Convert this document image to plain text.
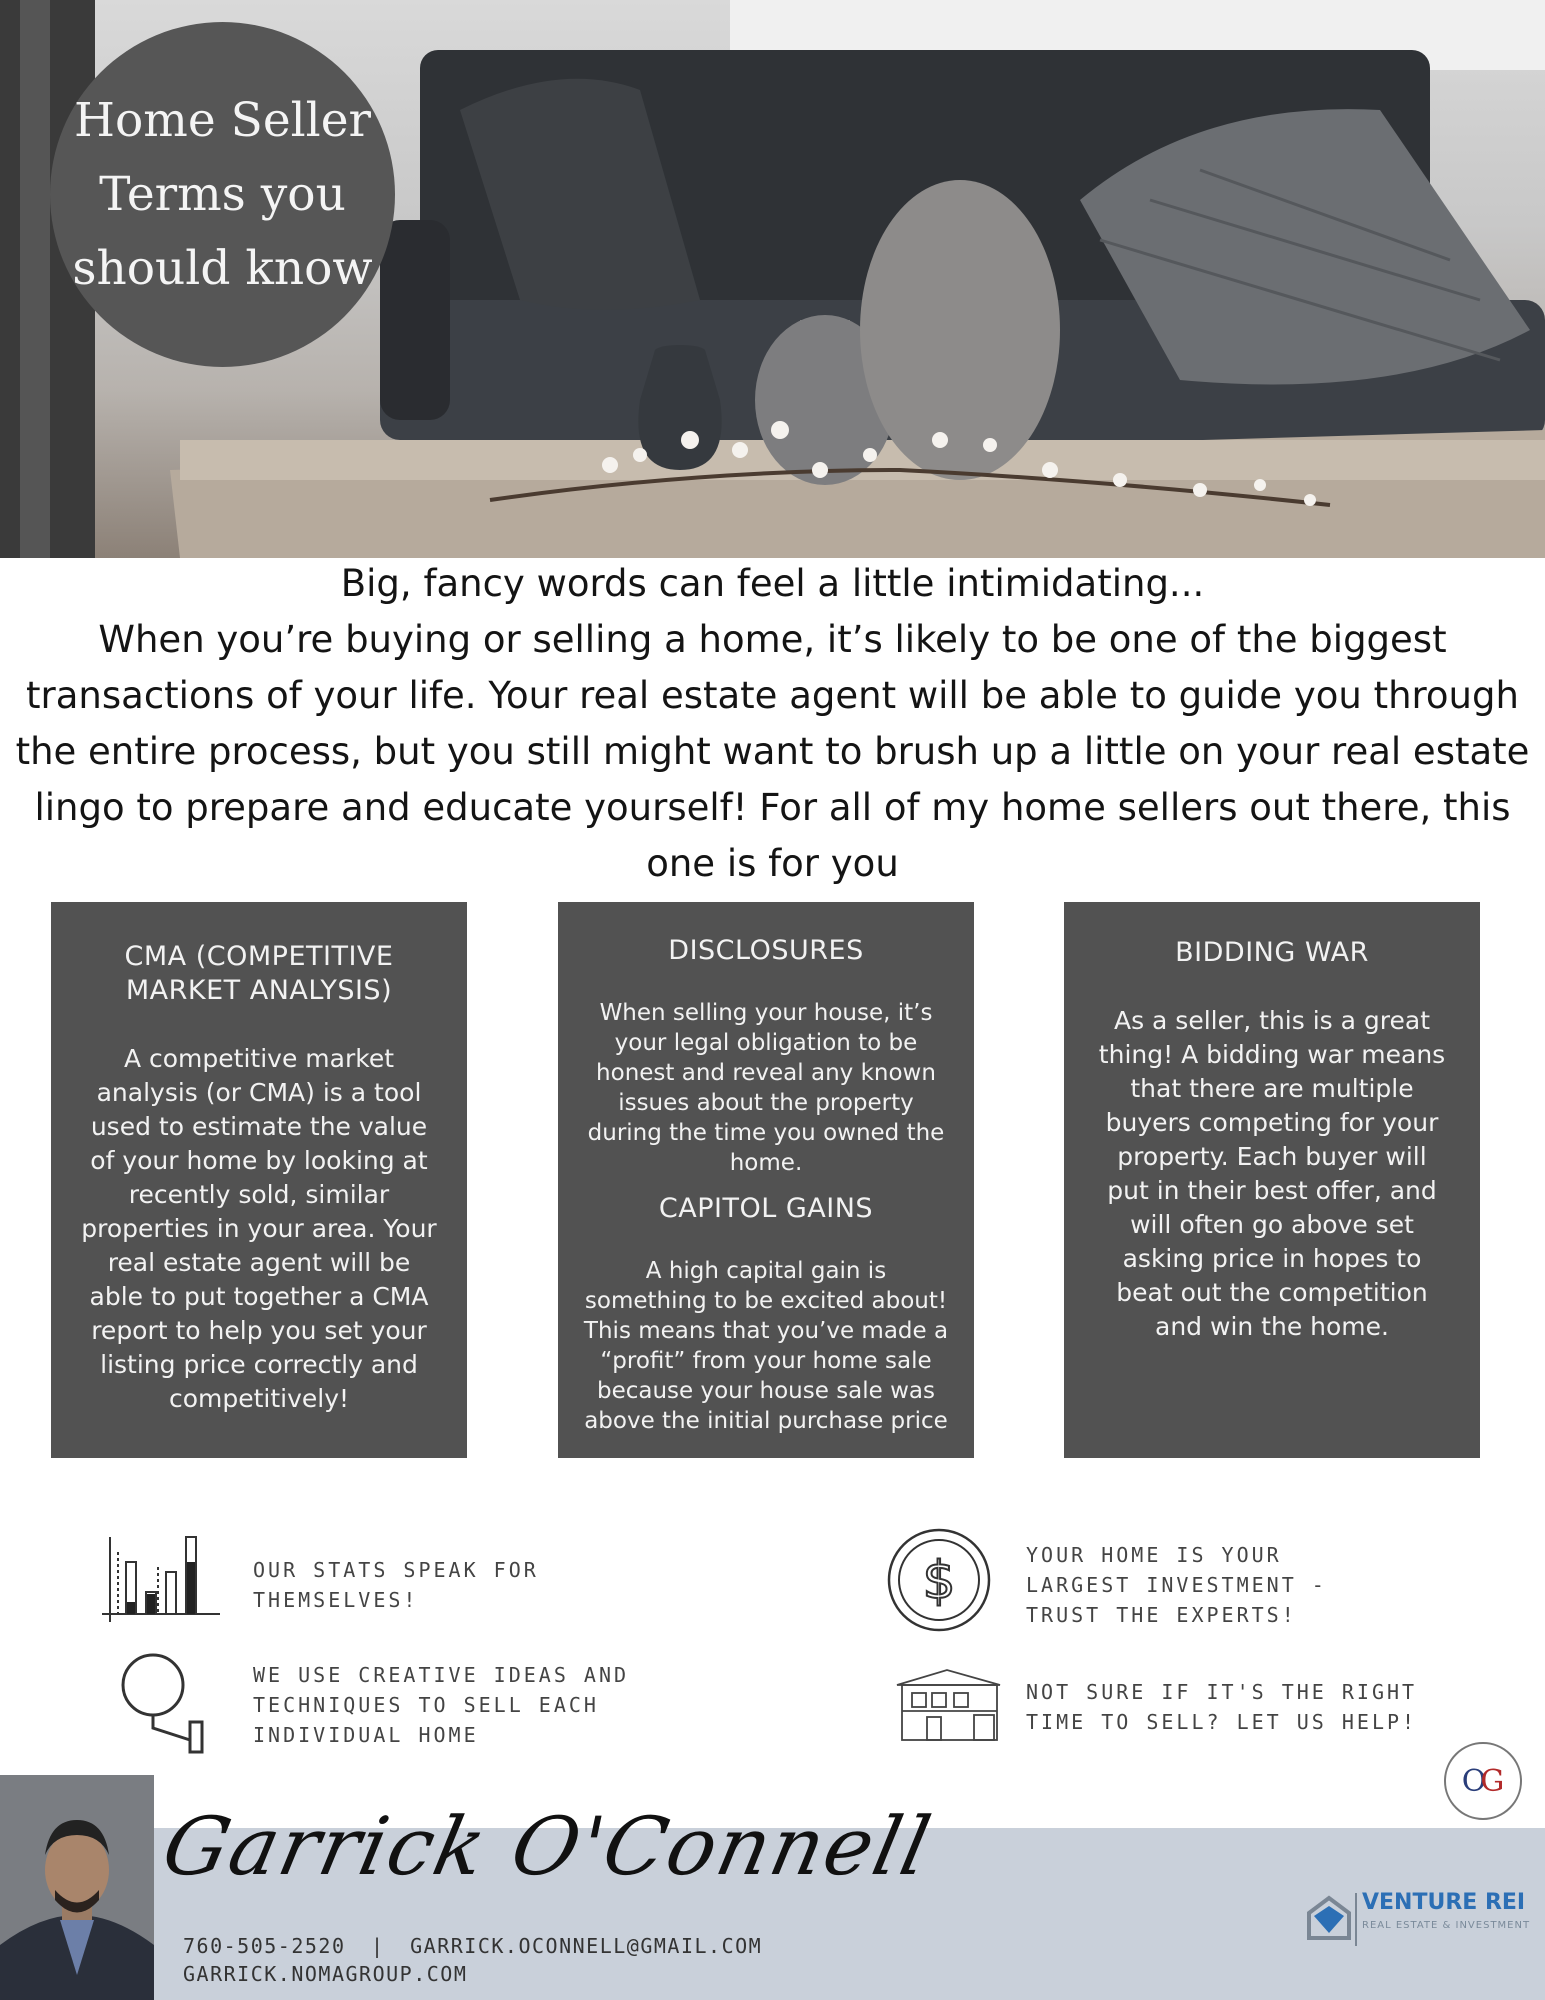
Home Seller
Terms you
should know

Big, fancy words can feel a little intimidating...

When you’re buying or selling a home, it’s likely to be one of the biggest

transactions of your life. Your real estate agent will be able to guide you through

the entire process, but you still might want to brush up a little on your real estate

lingo to prepare and educate yourself! For all of my home sellers out there, this

one is for you

CMA (COMPETITIVE MARKET ANALYSIS)
A competitive market analysis (or CMA) is a tool used to estimate the value of your home by looking at recently sold, similar properties in your area. Your real estate agent will be able to put together a CMA report to help you set your listing price correctly and competitively!
DISCLOSURES
When selling your house, it’s your legal obligation to be honest and reveal any known issues about the property during the time you owned the home.
CAPITOL GAINS
A high capital gain is something to be excited about! This means that you’ve made a “profit” from your home sale because your house sale was above the initial purchase price
BIDDING WAR
As a seller, this is a great thing! A bidding war means that there are multiple buyers competing for your property. Each buyer will put in their best offer, and will often go above set asking price in hopes to beat out the competition and win the home.
OUR STATS SPEAK FOR
THEMSELVES!	$	YOUR HOME IS YOUR
LARGEST INVESTMENT -
TRUST THE EXPERTS!
WE USE CREATIVE IDEAS AND
TECHNIQUES TO SELL EACH
INDIVIDUAL HOME
NOT SURE IF IT'S THE RIGHT
TIME TO SELL? LET US HELP!
O
G
Garrick O'Connell
760-505-2520 | GARRICK.OCONNELL@GMAIL.COM
GARRICK.NOMAGROUP.COM
VENTURE REI
REAL ESTATE & INVESTMENT
